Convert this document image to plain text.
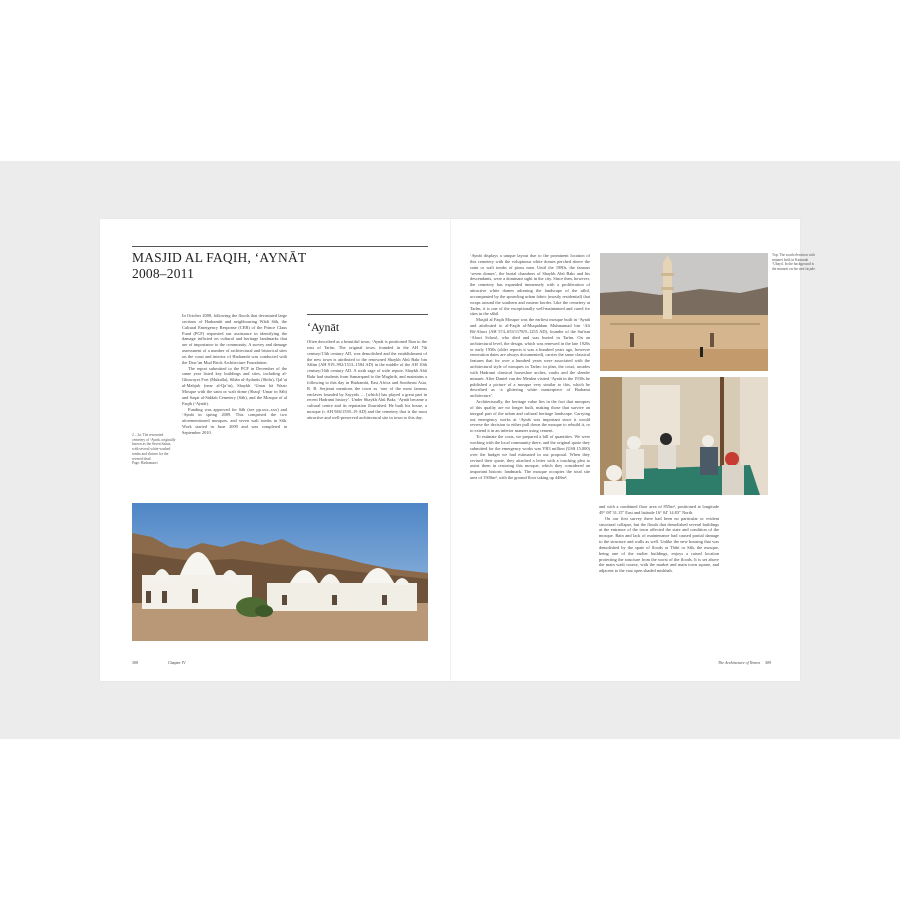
MASJID AL FAQIH, ‘AYNĀT
2008–2011

In October 2008, following the floods that devastated large sections of Hadramūt and neighbouring Wādi Sāh, the Cultural Emergency Response (CER) of the Prince Claus Fund (PCF) requested our assistance in identifying the damage inflicted on cultural and heritage landmarks that are of importance to the community. A survey and damage assessment of a number of architectural and historical sites on the coast and interior of Hadramūt was conducted with the Daw’an Mud Brick Architecture Foundation.

The report submitted to the PCF in December of the same year listed key buildings and sites, including al-Ghuwayzi Fort (Mukalla), Sibān al-Aydarūs (Shihr), Qal’at al-Mahjub (near al-Qa’tn), Shaykh ‘Umar bā Wazir Mosque with the saint or wali dome (Shaql ‘Umar in Sāh) and Saqat al-Siddah Cemetery (Sāh), and the Mosque of al Faqih (‘Aynāt).

Funding was approved for Sāh (see pp.xxx–xxx) and ‘Aynāt in spring 2009. This comprised the two aforementioned mosques, and seven wali tombs in Sāh. Work started in June 2009 and was completed in September 2010.

‘Aynāt

Often described as a beautiful town, ‘Aynāt is positioned 5km to the east of Tarīm. The original town, founded in the AH 7th century/13th century AD, was demolished and the establishment of the new town is attributed to the renowned Shaykh Abū Bakr bin Sālim (AH 919–992/1513–1584 AD) in the middle of the AH 10th century/16th century AD. A sixth sage of wide repute, Shaykh Abū Bakr had students from Samarqand to the Maghrib, and maintains a following to this day in Hadramūt, East Africa and Southeast Asia. R. B. Serjeant mentions the town as ‘one of the most famous enclaves founded by Sayyids … [which] has played a great part in recent Hadrami history’. Under Shaykh Abū Bakr, ‘Aynāt became a cultural centre and its reputation flourished. He built his house, a mosque (c AH 946/1539–19 AD) and the cemetery that is the most attractive and well-preserved architectural site in town to this day.

2 – 3a: The renovated cemetery of ‘Aynāt, originally known as the Seven Saints, with several white-washed tombs and shrines for the revered dead.
Page: Hadramawt
308	Chapter IV

‘Aynāt displays a unique layout due to the prominent location of this cemetery with the voluptuous white domes perched above the saint or wali tombs of pious men. Until the 1980s, the famous ‘seven domes’, the burial chambers of Shaykh Abū Bakr and his descendants, were a dominant sight in the city. Since then, however, the cemetery has expanded immensely with a proliferation of attractive white domes adorning the landscape of the sāhil, accompanied by the sprawling urban fabric (mostly residential) that wraps around the southern and eastern border. Like the cemetery at Tarīm, it is one of the exceptionally well-maintained and cared for sites in the sāhil.

Masjid al Faqih Mosque was the earliest mosque built in ‘Aynāt and attributed to al-Faqih al-Muqaddam Muhammad bin ‘Ali Bā‘Alawi (AH 574–653/1178/9–1255 AD), founder of the Sufism ‘Alawi School, who died and was buried in Tarīm. On an architectural level, the design, which was renewed in the late 1920s or early 1930s (older reports it was a hundred years ago, however renovation dates are always documented), carries the same classical features that for over a hundred years were associated with the architectural style of mosques in Tarīm: in plan, the court, arcades with Hadrami classical horseshoe arches, vaults and the slender minaret. After Daniel van der Meulen visited ‘Aynāt in the 1930s he published a picture of a mosque very similar to this, which he described as ‘a glittering white masterpiece of Hadrami architecture’.

Architecturally, the heritage value lies in the fact that mosques of this quality are no longer built, making those that survive an integral part of the urban and cultural heritage landscape. Carrying out emergency works at ‘Aynāt was important since it would reverse the decision to either pull down the mosque to rebuild it, or to extend it in an inferior manner using cement.

To estimate the costs, we prepared a bill of quantities. We were working with the local community there, and the original quote they submitted for the emergency works was YR3 million (US$ 15,000) over the budget we had estimated in our proposal. When they revised their quote, they attached a letter with a touching plea to assist them in restoring this mosque, which they considered an important historic landmark. The mosque occupies the total site area of 1500m², with the ground floor taking up 448m²,

Top: The south elevation with minaret built in Kantarah ‘Ubayd. In the background is the minaret on the east façade.

and with a combined floor area of 855m², positioned at longitude 49° 08' 31.15" East and latitude 16° 04' 14.83" North.

On our first survey there had been no particular or evident structural collapse, but the floods that demolished several buildings at the entrance of the town affected the state and condition of the mosque. Rain and lack of maintenance had caused partial damage to the structure and walls as well. Unlike the new housing that was demolished by the spate of floods at Thibi or Sāh, the mosque, being one of the earlier buildings, enjoys a raised location protecting the structure from the worst of the floods. It is set above the main wadi course, with the market and main town square, and adjacent to the vast open shaded mishhab.

The Architecture of Yemen 309
